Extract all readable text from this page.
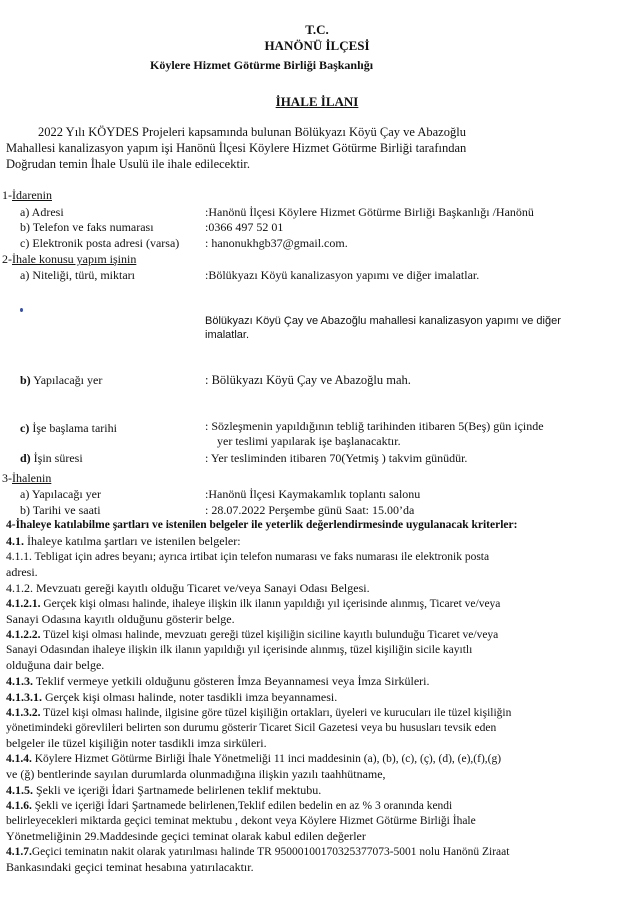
T.C.
HANÖNÜ İLÇESİ
Köylere Hizmet Götürme Birliği Başkanlığı
İHALE İLANI
2022 Yılı KÖYDES Projeleri kapsamında bulunan Bölükyazı Köyü Çay ve Abazoğlu
Mahallesi kanalizasyon yapım işi Hanönü İlçesi Köylere Hizmet Götürme Birliği tarafından
Doğrudan temin İhale Usulü ile ihale edilecektir.
1-İdarenin
a) Adresi	:Hanönü İlçesi Köylere Hizmet Götürme Birliği Başkanlığı /Hanönü
b) Telefon ve faks numarası	:0366 497 52 01
c) Elektronik posta adresi (varsa) : hanonukhgb37@gmail.com.
2-İhale konusu yapım işinin
a) Niteliği, türü, miktarı	:Bölükyazı Köyü kanalizasyon yapımı ve diğer imalatlar.
Bölükyazı Köyü Çay ve Abazoğlu mahallesi kanalizasyon yapımı ve diğer
imalatlar.
b) Yapılacağı yer	: Bölükyazı Köyü Çay ve Abazoğlu mah.
c) İşe başlama tarihi	: Sözleşmenin yapıldığının tebliğ tarihinden itibaren 5(Beş) gün içinde
yer teslimi yapılarak işe başlanacaktır.
d) İşin süresi	: Yer tesliminden itibaren 70(Yetmiş ) takvim günüdür.
3-İhalenin
a) Yapılacağı yer	:Hanönü İlçesi Kaymakamlık toplantı salonu
b) Tarihi ve saati	: 28.07.2022 Perşembe günü Saat: 15.00’da
4-İhaleye katılabilme şartları ve istenilen belgeler ile yeterlik değerlendirmesinde uygulanacak kriterler:
4.1. İhaleye katılma şartları ve istenilen belgeler:
4.1.1. Tebligat için adres beyanı; ayrıca irtibat için telefon numarası ve faks numarası ile elektronik posta
adresi.
4.1.2. Mevzuatı gereği kayıtlı olduğu Ticaret ve/veya Sanayi Odası Belgesi.
4.1.2.1. Gerçek kişi olması halinde, ihaleye ilişkin ilk ilanın yapıldığı yıl içerisinde alınmış, Ticaret ve/veya
Sanayi Odasına kayıtlı olduğunu gösterir belge.
4.1.2.2. Tüzel kişi olması halinde, mevzuatı gereği tüzel kişiliğin siciline kayıtlı bulunduğu Ticaret ve/veya
Sanayi Odasından ihaleye ilişkin ilk ilanın yapıldığı yıl içerisinde alınmış, tüzel kişiliğin sicile kayıtlı
olduğuna dair belge.
4.1.3. Teklif vermeye yetkili olduğunu gösteren İmza Beyannamesi veya İmza Sirküleri.
4.1.3.1. Gerçek kişi olması halinde, noter tasdikli imza beyannamesi.
4.1.3.2. Tüzel kişi olması halinde, ilgisine göre tüzel kişiliğin ortakları, üyeleri ve kurucuları ile tüzel kişiliğin
yönetimindeki görevlileri belirten son durumu gösterir Ticaret Sicil Gazetesi veya bu hususları tevsik eden
belgeler ile tüzel kişiliğin noter tasdikli imza sirküleri.
4.1.4. Köylere Hizmet Götürme Birliği İhale Yönetmeliği 11 inci maddesinin (a), (b), (c), (ç), (d), (e),(f),(g)
ve (ğ) bentlerinde sayılan durumlarda olunmadığına ilişkin yazılı taahhütname,
4.1.5. Şekli ve içeriği İdari Şartnamede belirlenen teklif mektubu.
4.1.6. Şekli ve içeriği İdari Şartnamede belirlenen,Teklif edilen bedelin en az % 3 oranında kendi
belirleyecekleri miktarda geçici teminat mektubu , dekont veya Köylere Hizmet Götürme Birliği İhale
Yönetmeliğinin 29.Maddesinde geçici teminat olarak kabul edilen değerler
4.1.7.Geçici teminatın nakit olarak yatırılması halinde TR 950001001703253770​73-5001 nolu Hanönü Ziraat
Bankasındaki geçici teminat hesabına yatırılacaktır.
